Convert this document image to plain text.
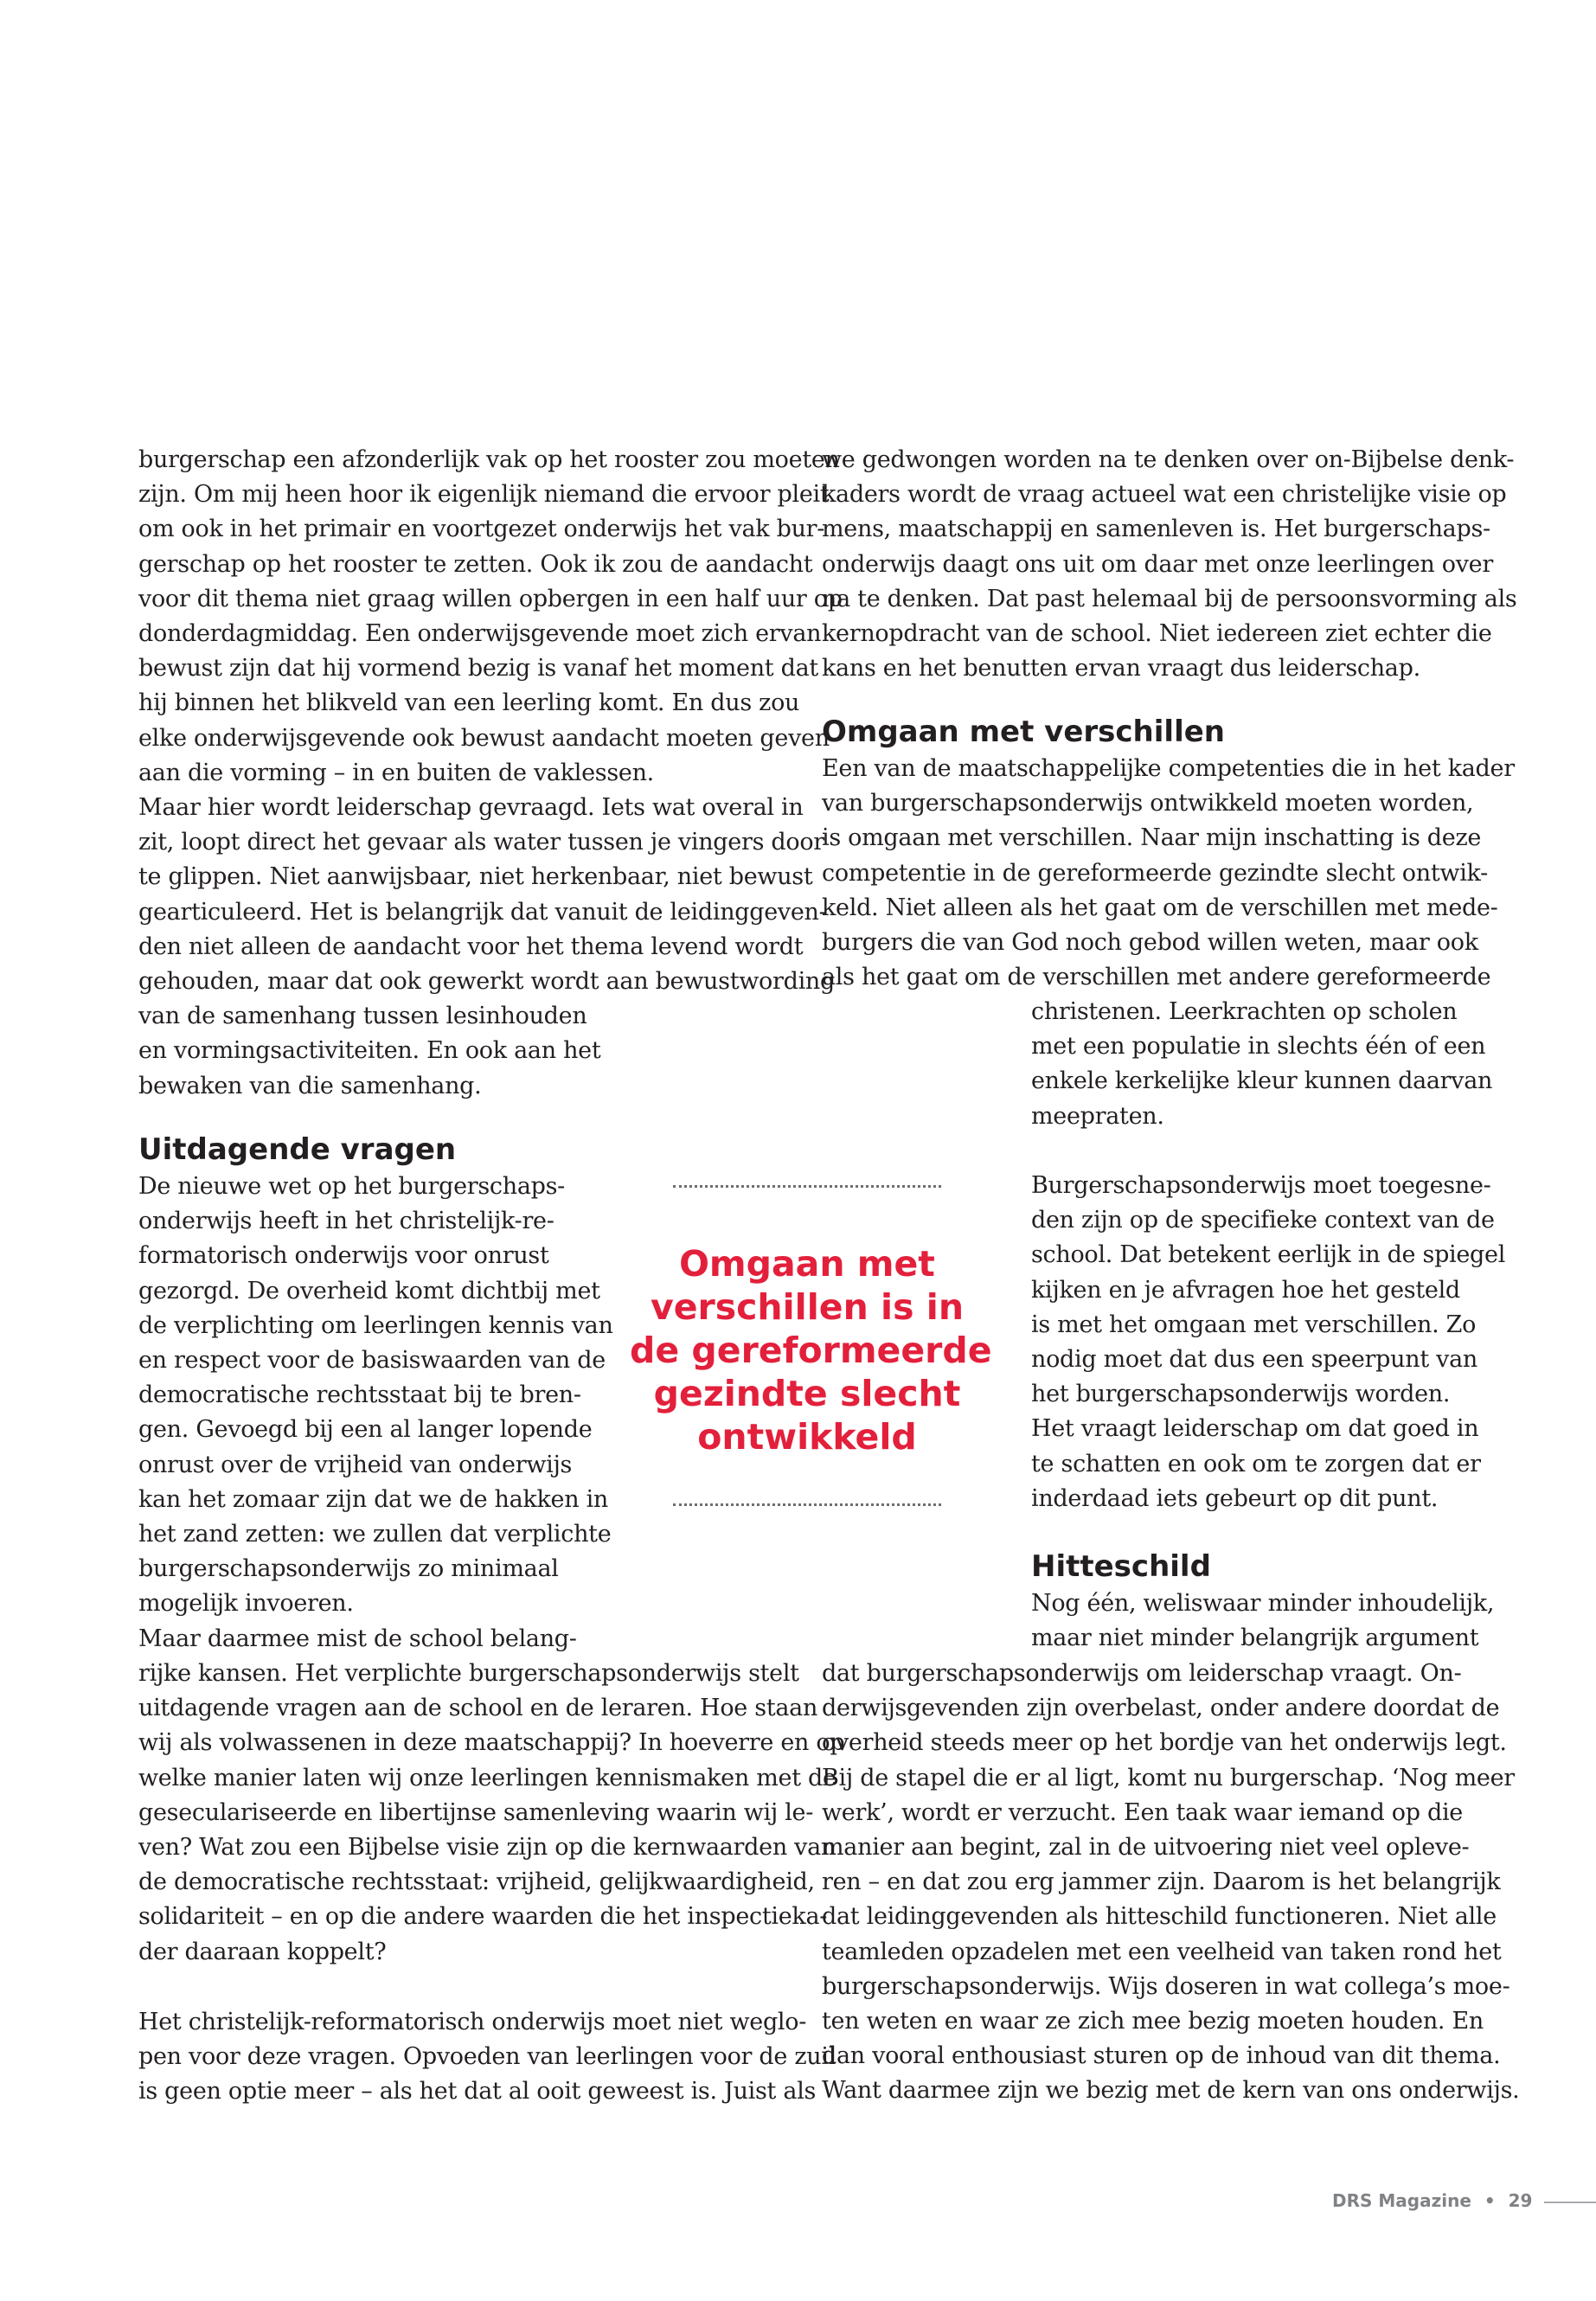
burgerschap een afzonderlijk vak op het rooster zou moeten
zijn. Om mij heen hoor ik eigenlijk niemand die ervoor pleit
om ook in het primair en voortgezet onderwijs het vak bur-
gerschap op het rooster te zetten. Ook ik zou de aandacht
voor dit thema niet graag willen opbergen in een half uur op
donderdagmiddag. Een onderwijsgevende moet zich ervan
bewust zijn dat hij vormend bezig is vanaf het moment dat
hij binnen het blikveld van een leerling komt. En dus zou
elke onderwijsgevende ook bewust aandacht moeten geven
aan die vorming – in en buiten de vaklessen.
Maar hier wordt leiderschap gevraagd. Iets wat overal in
zit, loopt direct het gevaar als water tussen je vingers door
te glippen. Niet aanwijsbaar, niet herkenbaar, niet bewust
gearticuleerd. Het is belangrijk dat vanuit de leidinggeven-
den niet alleen de aandacht voor het thema levend wordt
gehouden, maar dat ook gewerkt wordt aan bewustwording
van de samenhang tussen lesinhouden
en vormingsactiviteiten. En ook aan het
bewaken van die samenhang.
De nieuwe wet op het burgerschaps-
onderwijs heeft in het christelijk-re-
formatorisch onderwijs voor onrust
gezorgd. De overheid komt dichtbij met
de verplichting om leerlingen kennis van
en respect voor de basiswaarden van de
democratische rechtsstaat bij te bren-
gen. Gevoegd bij een al langer lopende
onrust over de vrijheid van onderwijs
kan het zomaar zijn dat we de hakken in
het zand zetten: we zullen dat verplichte
burgerschapsonderwijs zo minimaal
mogelijk invoeren.
Maar daarmee mist de school belang-
rijke kansen. Het verplichte burgerschapsonderwijs stelt
uitdagende vragen aan de school en de leraren. Hoe staan
wij als volwassenen in deze maatschappij? In hoeverre en op
welke manier laten wij onze leerlingen kennismaken met de
geseculariseerde en libertijnse samenleving waarin wij le-
ven? Wat zou een Bijbelse visie zijn op die kernwaarden van
de democratische rechtsstaat: vrijheid, gelijkwaardigheid,
solidariteit – en op die andere waarden die het inspectieka-
der daaraan koppelt?
Het christelijk-reformatorisch onderwijs moet niet weglo-
pen voor deze vragen. Opvoeden van leerlingen voor de zuil
is geen optie meer – als het dat al ooit geweest is. Juist als
we gedwongen worden na te denken over on-Bijbelse denk-
kaders wordt de vraag actueel wat een christelijke visie op
mens, maatschappij en samenleven is. Het burgerschaps-
onderwijs daagt ons uit om daar met onze leerlingen over
na te denken. Dat past helemaal bij de persoonsvorming als
kernopdracht van de school. Niet iedereen ziet echter die
kans en het benutten ervan vraagt dus leiderschap.
Een van de maatschappelijke competenties die in het kader
van burgerschapsonderwijs ontwikkeld moeten worden,
is omgaan met verschillen. Naar mijn inschatting is deze
competentie in de gereformeerde gezindte slecht ontwik-
keld. Niet alleen als het gaat om de verschillen met mede-
burgers die van God noch gebod willen weten, maar ook
als het gaat om de verschillen met andere gereformeerde
christenen. Leerkrachten op scholen
met een populatie in slechts één of een
enkele kerkelijke kleur kunnen daarvan
meepraten.
Burgerschapsonderwijs moet toegesne-
den zijn op de specifieke context van de
school. Dat betekent eerlijk in de spiegel
kijken en je afvragen hoe het gesteld
is met het omgaan met verschillen. Zo
nodig moet dat dus een speerpunt van
het burgerschapsonderwijs worden.
Het vraagt leiderschap om dat goed in
te schatten en ook om te zorgen dat er
inderdaad iets gebeurt op dit punt.
Nog één, weliswaar minder inhoudelijk,
maar niet minder belangrijk argument
dat burgerschapsonderwijs om leiderschap vraagt. On-
derwijsgevenden zijn overbelast, onder andere doordat de
overheid steeds meer op het bordje van het onderwijs legt.
Bij de stapel die er al ligt, komt nu burgerschap. ‘Nog meer
werk’, wordt er verzucht. Een taak waar iemand op die
manier aan begint, zal in de uitvoering niet veel opleve-
ren – en dat zou erg jammer zijn. Daarom is het belangrijk
dat leidinggevenden als hitteschild functioneren. Niet alle
teamleden opzadelen met een veelheid van taken rond het
burgerschapsonderwijs. Wijs doseren in wat collega’s moe-
ten weten en waar ze zich mee bezig moeten houden. En
dan vooral enthousiast sturen op de inhoud van dit thema.
Want daarmee zijn we bezig met de kern van ons onderwijs.
Uitdagende vragen
Omgaan met verschillen
Hitteschild
Omgaan met
verschillen is in
de gereformeerde
gezindte slecht
ontwikkeld
DRS Magazine • 29
